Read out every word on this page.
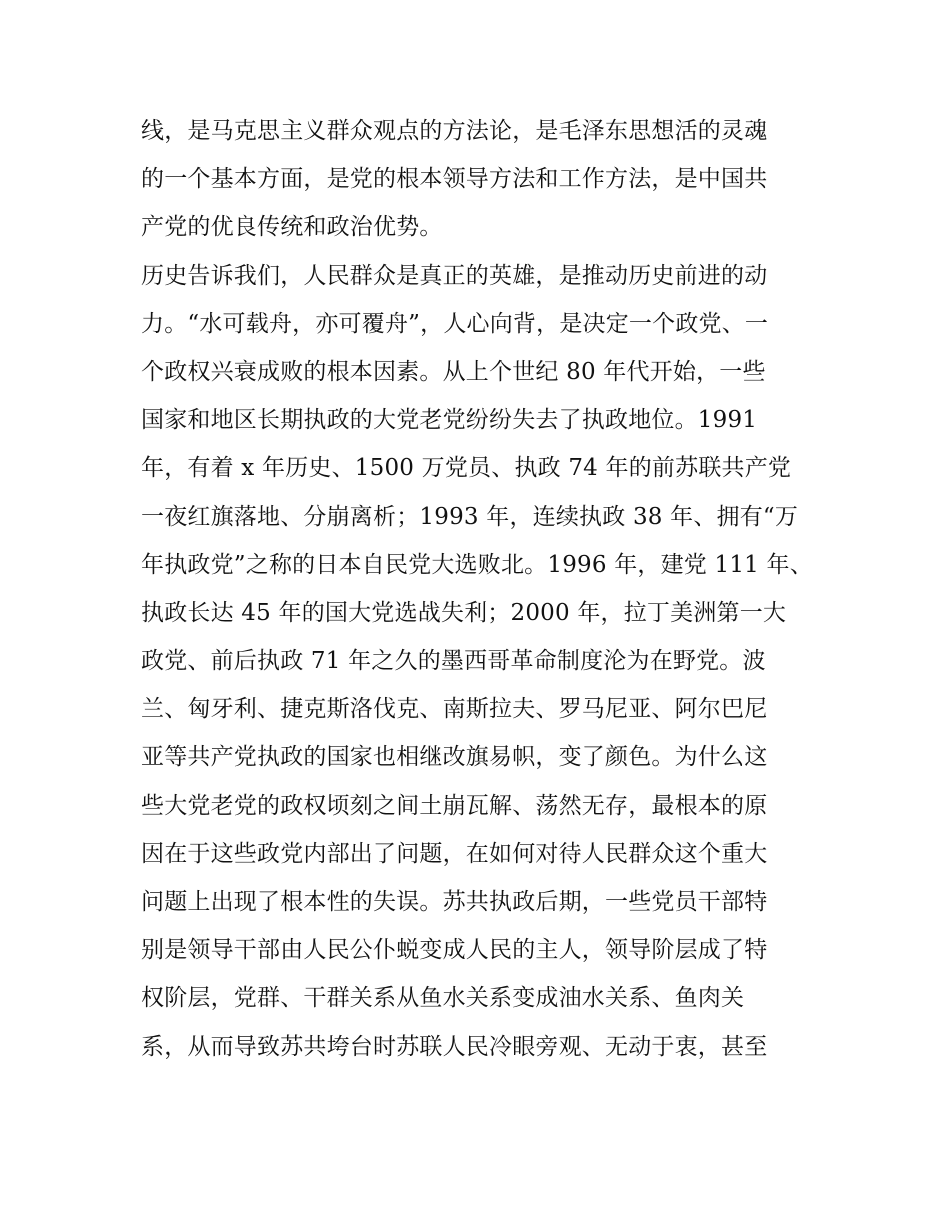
线，是马克思主义群众观点的方法论，是毛泽东思想活的灵魂
的一个基本方面，是党的根本领导方法和工作方法，是中国共
产党的优良传统和政治优势。
历史告诉我们，人民群众是真正的英雄，是推动历史前进的动
力。“水可载舟，亦可覆舟”，人心向背，是决定一个政党、一
个政权兴衰成败的根本因素。从上个世纪 80 年代开始，一些
国家和地区长期执政的大党老党纷纷失去了执政地位。1991
年，有着 x 年历史、1500 万党员、执政 74 年的前苏联共产党
一夜红旗落地、分崩离析；1993 年，连续执政 38 年、拥有“万
年执政党”之称的日本自民党大选败北。1996 年，建党 111 年、
执政长达 45 年的国大党选战失利；2000 年，拉丁美洲第一大
政党、前后执政 71 年之久的墨西哥革命制度沦为在野党。波
兰、匈牙利、捷克斯洛伐克、南斯拉夫、罗马尼亚、阿尔巴尼
亚等共产党执政的国家也相继改旗易帜，变了颜色。为什么这
些大党老党的政权顷刻之间土崩瓦解、荡然无存，最根本的原
因在于这些政党内部出了问题，在如何对待人民群众这个重大
问题上出现了根本性的失误。苏共执政后期，一些党员干部特
别是领导干部由人民公仆蜕变成人民的主人，领导阶层成了特
权阶层，党群、干群关系从鱼水关系变成油水关系、鱼肉关
系，从而导致苏共垮台时苏联人民冷眼旁观、无动于衷，甚至
